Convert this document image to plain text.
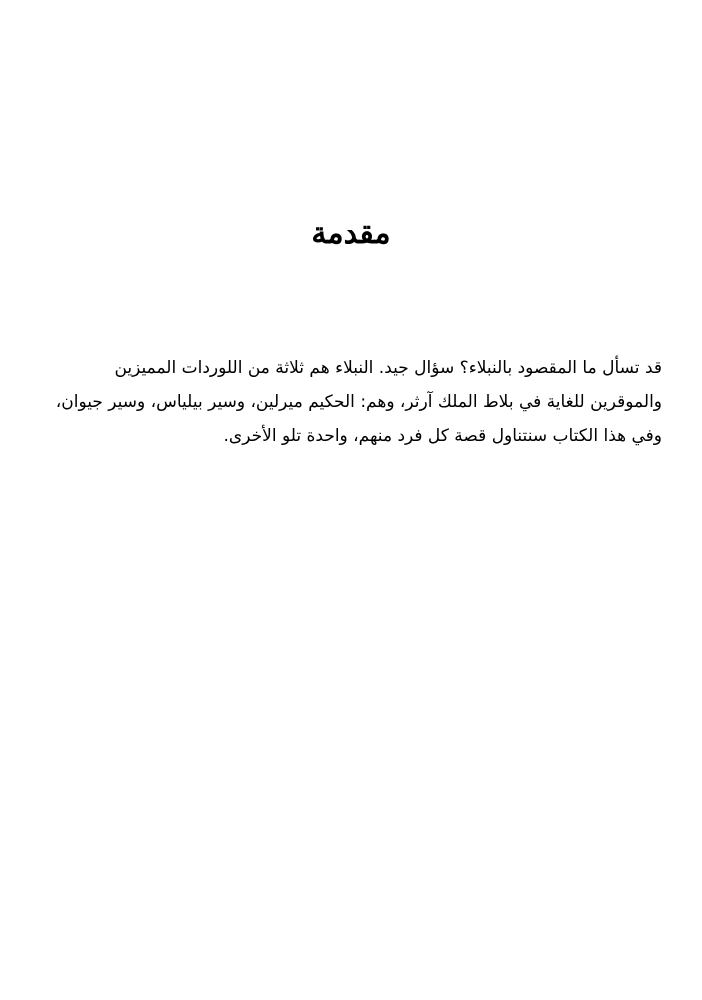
مقدمة

قد تسأل ما المقصود بالنبلاء؟ سؤال جيد. النبلاء هم ثلاثة من اللوردات المميزين
والموقرين للغاية في بلاط الملك آرثر، وهم: الحكيم ميرلين، وسير بيلياس، وسير جيوان،
وفي هذا الكتاب سنتناول قصة كل فرد منهم، واحدة تلو الأخرى.
